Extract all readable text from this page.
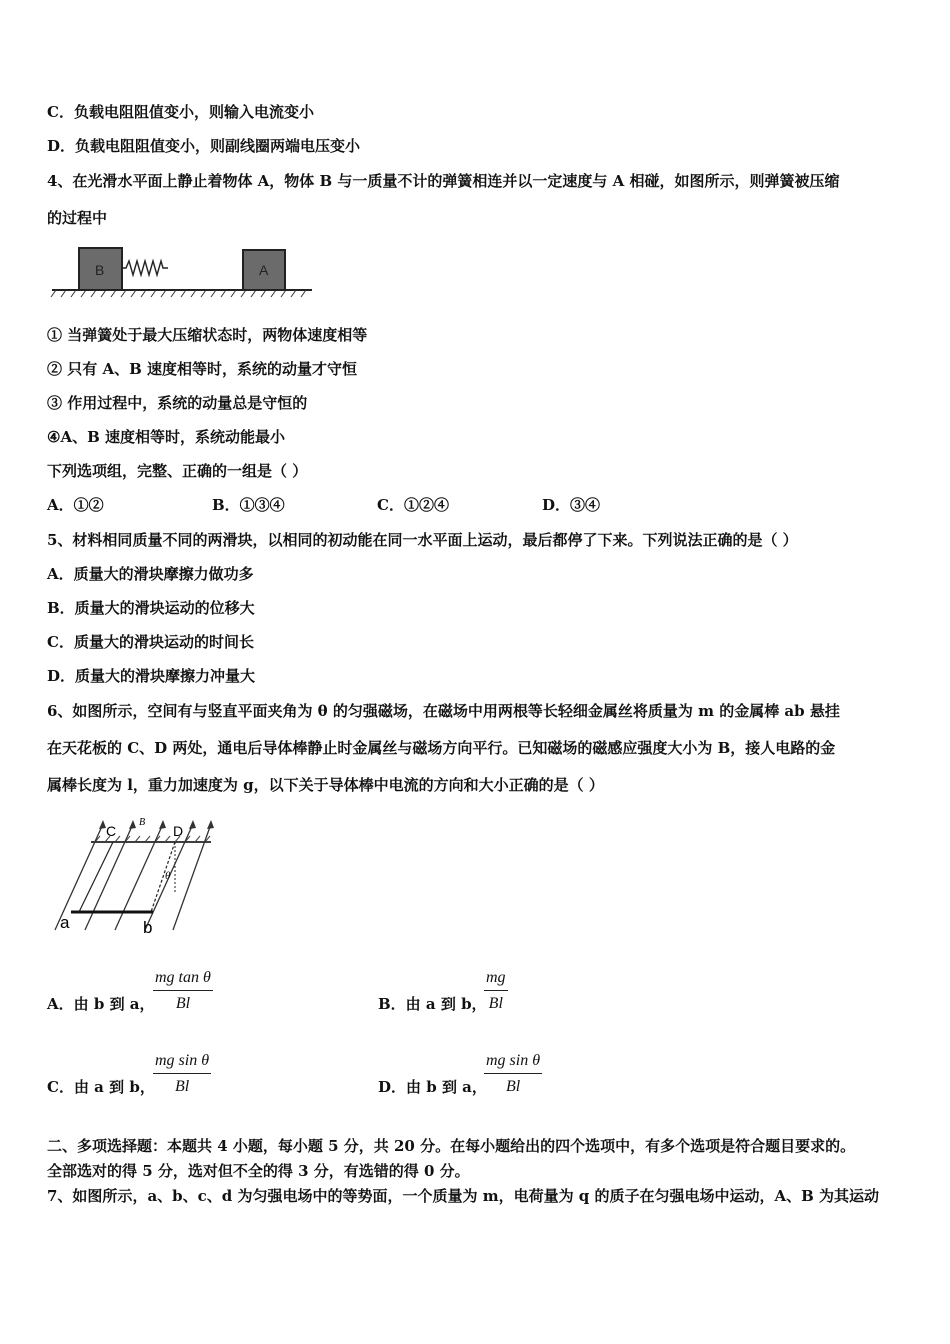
C．负载电阻阻值变小，则输入电流变小
D．负载电阻阻值变小，则副线圈两端电压变小
4、在光滑水平面上静止着物体 A，物体 B 与一质量不计的弹簧相连并以一定速度与 A 相碰，如图所示，则弹簧被压缩
的过程中
B	A
① 当弹簧处于最大压缩状态时，两物体速度相等
② 只有 A、B 速度相等时，系统的动量才守恒
③ 作用过程中，系统的动量总是守恒的
④A、B 速度相等时，系统动能最小
下列选项组，完整、正确的一组是（ ）
A．①②	B．①③④	C．①②④	D．③④
5、材料相同质量不同的两滑块，以相同的初动能在同一水平面上运动，最后都停了下来。下列说法正确的是（ ）
A．质量大的滑块摩擦力做功多
B．质量大的滑块运动的位移大
C．质量大的滑块运动的时间长
D．质量大的滑块摩擦力冲量大
6、如图所示，空间有与竖直平面夹角为 θ 的匀强磁场，在磁场中用两根等长轻细金属丝将质量为 m 的金属棒 ab 悬挂
在天花板的 C、D 两处，通电后导体棒静止时金属丝与磁场方向平行。已知磁场的磁感应强度大小为 B，接人电路的金
属棒长度为 l，重力加速度为 g，以下关于导体棒中电流的方向和大小正确的是（ ）
C
B
D
θ
a	b
A．由 b 到 a，
$\frac{\text{mg tan θ}}{Bl}$	B．由 a 到 b，
$\frac{mg}{Bl}$
C．由 a 到 b，
$\frac{\text{mg sin θ}}{Bl}$	D．由 b 到 a，
$\frac{\text{mg sin θ}}{Bl}$
二、多项选择题：本题共 4 小题，每小题 5 分，共 20 分。在每小题给出的四个选项中，有多个选项是符合题目要求的。
全部选对的得 5 分，选对但不全的得 3 分，有选错的得 0 分。
7、如图所示，a、b、c、d 为匀强电场中的等势面，一个质量为 m，电荷量为 q 的质子在匀强电场中运动，A、B 为其运动
